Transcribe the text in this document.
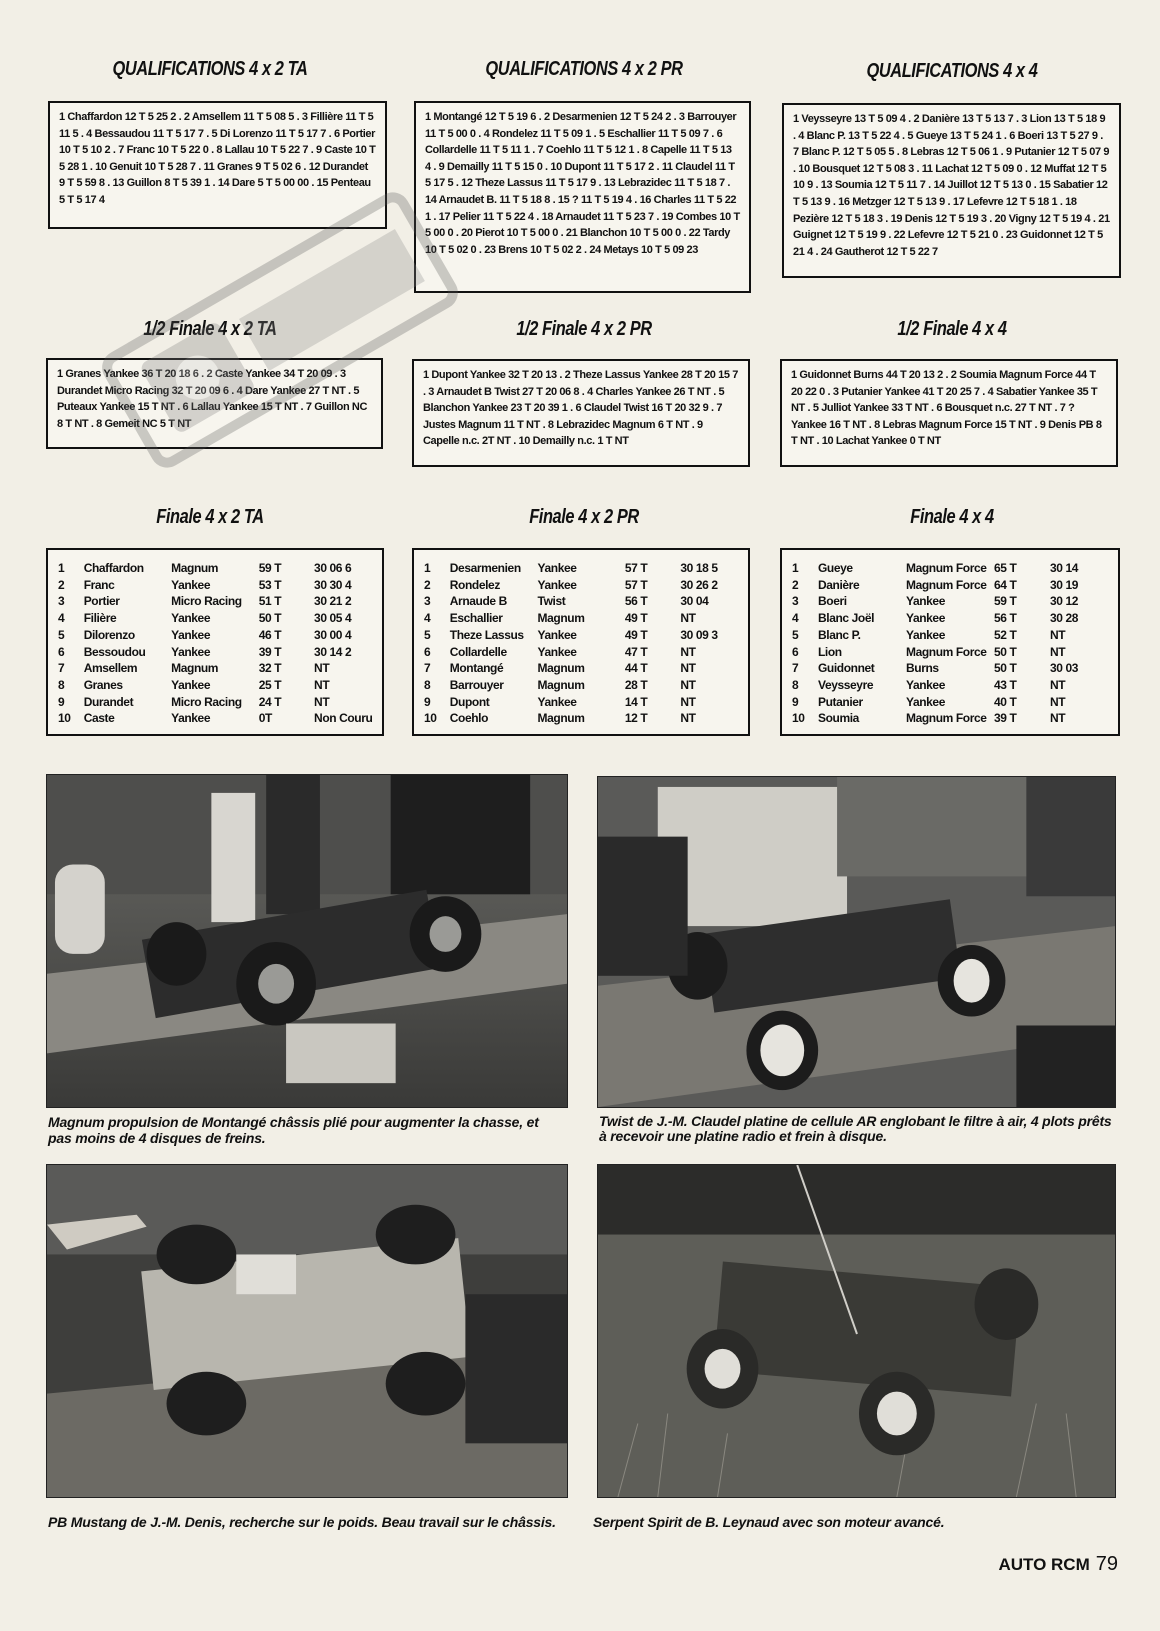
QUALIFICATIONS 4 x 2 TA	QUALIFICATIONS 4 x 2 PR	QUALIFICATIONS 4 x 4
1 Chaffardon 12 T 5 25 2 . 2 Amsellem 11 T 5 08 5 . 3 Fillière 11 T 5 11 5 . 4 Bessaudou 11 T 5 17 7 . 5 Di Lorenzo 11 T 5 17 7 . 6 Portier 10 T 5 10 2 . 7 Franc 10 T 5 22 0 . 8 Lallau 10 T 5 22 7 . 9 Caste 10 T 5 28 1 . 10 Genuit 10 T 5 28 7 . 11 Granes 9 T 5 02 6 . 12 Durandet 9 T 5 59 8 . 13 Guillon 8 T 5 39 1 . 14 Dare 5 T 5 00 00 . 15 Penteau 5 T 5 17 4
1 Montangé 12 T 5 19 6 . 2 Desarmenien 12 T 5 24 2 . 3 Barrouyer 11 T 5 00 0 . 4 Rondelez 11 T 5 09 1 . 5 Eschallier 11 T 5 09 7 . 6 Collardelle 11 T 5 11 1 . 7 Coehlo 11 T 5 12 1 . 8 Capelle 11 T 5 13 4 . 9 Demailly 11 T 5 15 0 . 10 Dupont 11 T 5 17 2 . 11 Claudel 11 T 5 17 5 . 12 Theze Lassus 11 T 5 17 9 . 13 Lebrazidec 11 T 5 18 7 . 14 Arnaudet B. 11 T 5 18 8 . 15 ? 11 T 5 19 4 . 16 Charles 11 T 5 22 1 . 17 Pelier 11 T 5 22 4 . 18 Arnaudet 11 T 5 23 7 . 19 Combes 10 T 5 00 0 . 20 Pierot 10 T 5 00 0 . 21 Blanchon 10 T 5 00 0 . 22 Tardy 10 T 5 02 0 . 23 Brens 10 T 5 02 2 . 24 Metays 10 T 5 09 23
1 Veysseyre 13 T 5 09 4 . 2 Danière 13 T 5 13 7 . 3 Lion 13 T 5 18 9 . 4 Blanc P. 13 T 5 22 4 . 5 Gueye 13 T 5 24 1 . 6 Boeri 13 T 5 27 9 . 7 Blanc P. 12 T 5 05 5 . 8 Lebras 12 T 5 06 1 . 9 Putanier 12 T 5 07 9 . 10 Bousquet 12 T 5 08 3 . 11 Lachat 12 T 5 09 0 . 12 Muffat 12 T 5 10 9 . 13 Soumia 12 T 5 11 7 . 14 Juillot 12 T 5 13 0 . 15 Sabatier 12 T 5 13 9 . 16 Metzger 12 T 5 13 9 . 17 Lefevre 12 T 5 18 1 . 18 Pezière 12 T 5 18 3 . 19 Denis 12 T 5 19 3 . 20 Vigny 12 T 5 19 4 . 21 Guignet 12 T 5 19 9 . 22 Lefevre 12 T 5 21 0 . 23 Guidonnet 12 T 5 21 4 . 24 Gautherot 12 T 5 22 7
1/2 Finale 4 x 2 TA	1/2 Finale 4 x 2 PR	1/2 Finale 4 x 4
1 Granes Yankee 36 T 20 18 6 . 2 Caste Yankee 34 T 20 09 . 3 Durandet Micro Racing 32 T 20 09 6 . 4 Dare Yankee 27 T NT . 5 Puteaux Yankee 15 T NT . 6 Lallau Yankee 15 T NT . 7 Guillon NC 8 T NT . 8 Gemeit NC 5 T NT
1 Dupont Yankee 32 T 20 13 . 2 Theze Lassus Yankee 28 T 20 15 7 . 3 Arnaudet B Twist 27 T 20 06 8 . 4 Charles Yankee 26 T NT . 5 Blanchon Yankee 23 T 20 39 1 . 6 Claudel Twist 16 T 20 32 9 . 7 Justes Magnum 11 T NT . 8 Lebrazidec Magnum 6 T NT . 9 Capelle n.c. 2T NT . 10 Demailly n.c. 1 T NT
1 Guidonnet Burns 44 T 20 13 2 . 2 Soumia Magnum Force 44 T 20 22 0 . 3 Putanier Yankee 41 T 20 25 7 . 4 Sabatier Yankee 35 T NT . 5 Julliot Yankee 33 T NT . 6 Bousquet n.c. 27 T NT . 7 ? Yankee 16 T NT . 8 Lebras Magnum Force 15 T NT . 9 Denis PB 8 T NT . 10 Lachat Yankee 0 T NT
Finale 4 x 2 TA	Finale 4 x 2 PR	Finale 4 x 4
1	Chaffardon	Magnum	59 T	30 06 6
2	Franc	Yankee	53 T	30 30 4
3	Portier	Micro Racing	51 T	30 21 2
4	Filière	Yankee	50 T	30 05 4
5	Dilorenzo	Yankee	46 T	30 00 4
6	Bessoudou	Yankee	39 T	30 14 2
7	Amsellem	Magnum	32 T	NT
8	Granes	Yankee	25 T	NT
9	Durandet	Micro Racing	24 T	NT
10	Caste	Yankee	0T	Non Couru
1	Desarmenien	Yankee	57 T	30 18 5
2	Rondelez	Yankee	57 T	30 26 2
3	Arnaude B	Twist	56 T	30 04
4	Eschallier	Magnum	49 T	NT
5	Theze Lassus	Yankee	49 T	30 09 3
6	Collardelle	Yankee	47 T	NT
7	Montangé	Magnum	44 T	NT
8	Barrouyer	Magnum	28 T	NT
9	Dupont	Yankee	14 T	NT
10	Coehlo	Magnum	12 T	NT
1	Gueye	Magnum Force	65 T	30 14
2	Danière	Magnum Force	64 T	30 19
3	Boeri	Yankee	59 T	30 12
4	Blanc Joël	Yankee	56 T	30 28
5	Blanc P.	Yankee	52 T	NT
6	Lion	Magnum Force	50 T	NT
7	Guidonnet	Burns	50 T	30 03
8	Veysseyre	Yankee	43 T	NT
9	Putanier	Yankee	40 T	NT
10	Soumia	Magnum Force	39 T	NT
Magnum propulsion de Montangé châssis plié pour augmenter la chasse, et pas moins de 4 disques de freins.
Twist de J.-M. Claudel platine de cellule AR englobant le filtre à air, 4 plots prêts à recevoir une platine radio et frein à disque.
PB Mustang de J.-M. Denis, recherche sur le poids. Beau travail sur le châssis.	Serpent Spirit de B. Leynaud avec son moteur avancé.
AUTO RCM 79
